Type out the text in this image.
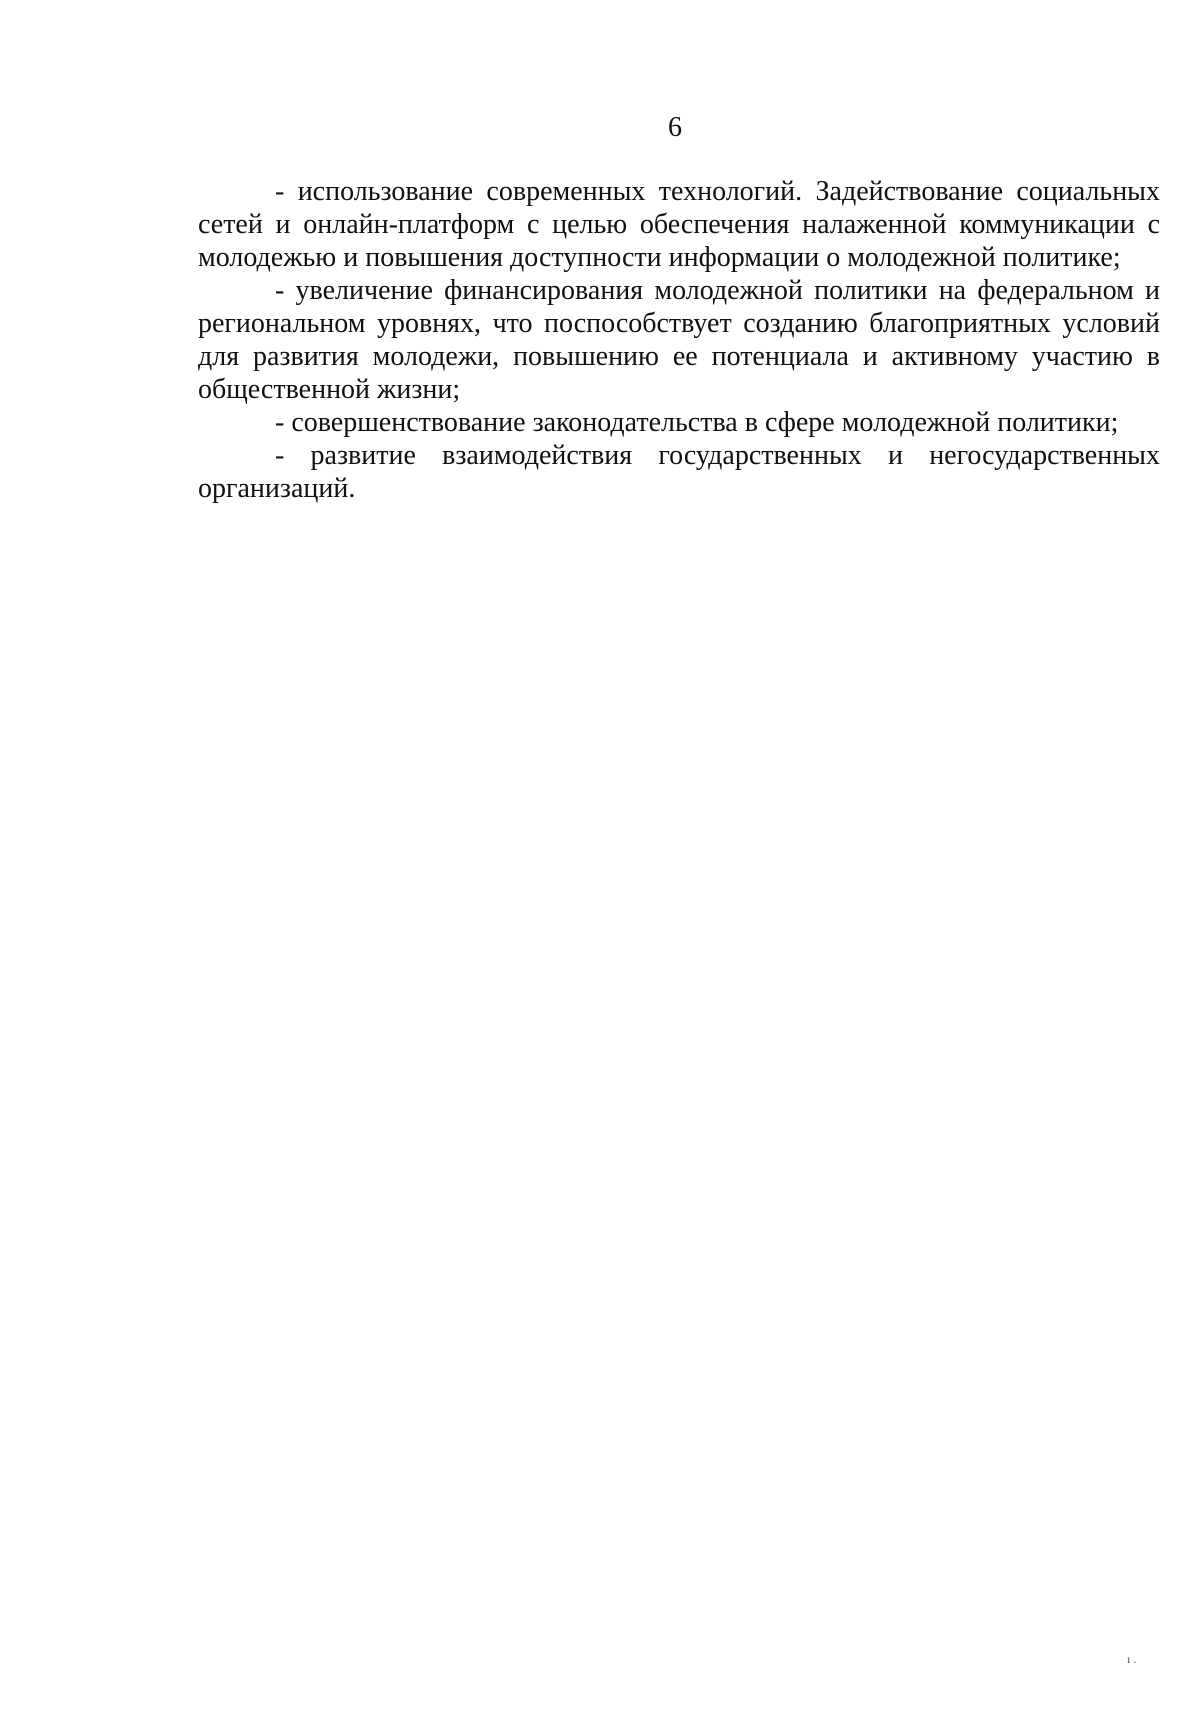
6

- использование современных технологий. Задействование социальных сетей и онлайн-платформ с целью обеспечения налаженной коммуникации с молодежью и повышения доступности информации о молодежной политике;

- увеличение финансирования молодежной политики на федеральном и региональном уровнях, что поспособствует созданию благоприятных условий для развития молодежи, повышению ее потенциала и активному участию в общественной жизни;

- совершенствование законодательства в сфере молодежной политики;

- развитие взаимодействия государственных и негосударственных организаций.

ı .
